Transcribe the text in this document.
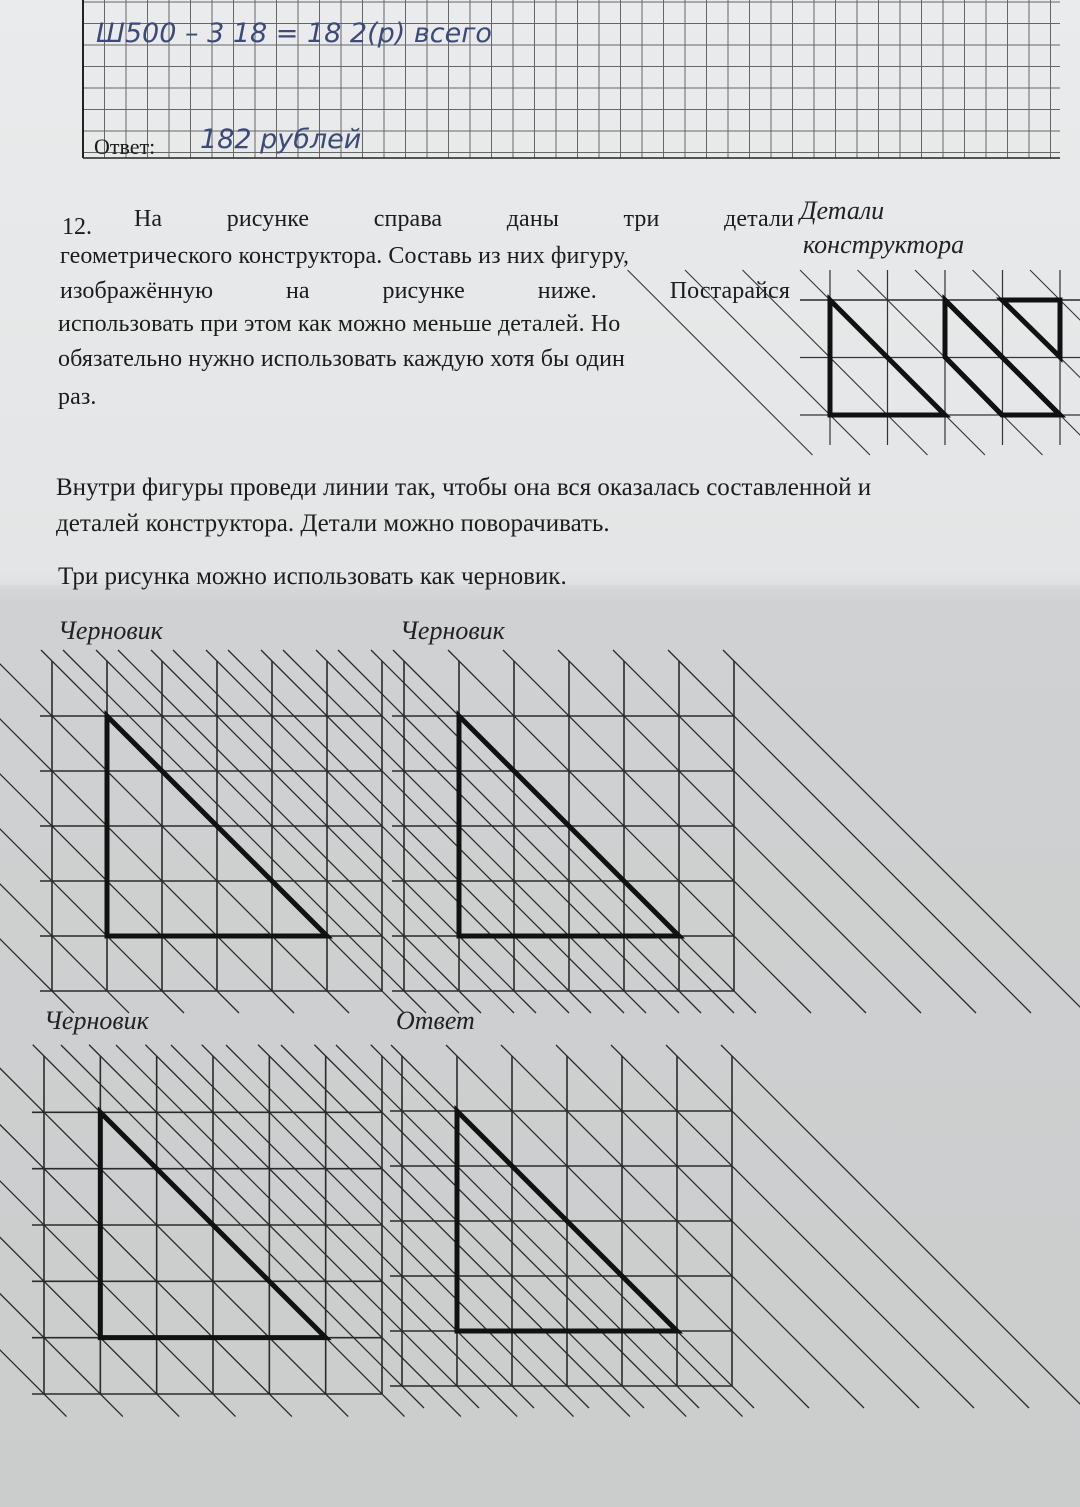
Ш500 – 3 18 = 18 2(р) всего
Ответ: 182 рублей
12. На	рисунке	справа	даны	три	детали Детали
геометрического конструктора. Составь из них фигуру,	конструктора
изображённую	на	рисунке	ниже.	Постарайся
использовать при этом как можно меньше деталей. Но
обязательно нужно использовать каждую хотя бы один
раз.
Внутри фигуры проведи линии так, чтобы она вся оказалась составленной и
деталей конструктора. Детали можно поворачивать.
Три рисунка можно использовать как черновик.
Черновик	Черновик
Черновик	Ответ
